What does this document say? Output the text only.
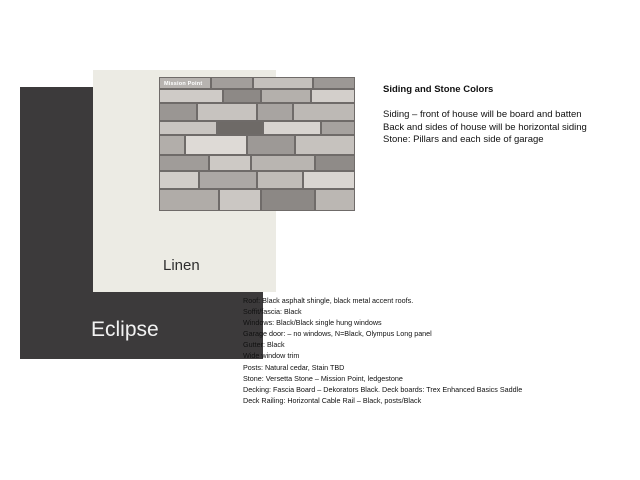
Eclipse
Linen
Mission Point	Siding and Stone Colors
Siding – front of house will be board and batten
Back and sides of house will be horizontal siding
Stone: Pillars and each side of garage
Roof: Black asphalt shingle, black metal accent roofs.
Soffit/fascia: Black
Windows: Black/Black single hung windows
Garage door: – no windows, N=Black, Olympus Long panel
Gutter: Black
Wide window trim
Posts: Natural cedar, Stain TBD
Stone: Versetta Stone – Mission Point, ledgestone
Decking: Fascia Board – Dekorators Black. Deck boards: Trex Enhanced Basics Saddle
Deck Railing: Horizontal Cable Rail – Black, posts/Black
